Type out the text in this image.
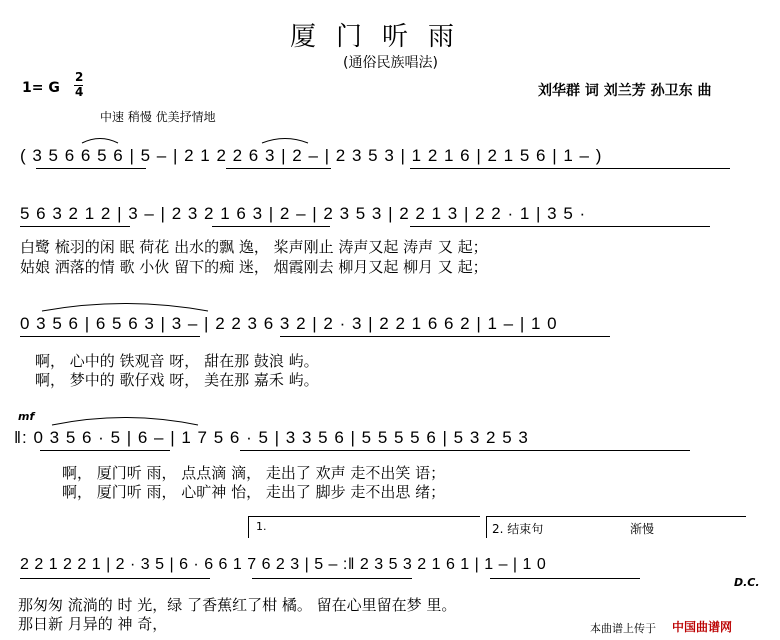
厦门听雨
(通俗民族唱法)
1= G
2
4	刘华群 词 刘兰芳 孙卫东 曲
中速 稍慢 优美抒情地
( 3 5 6 6 5 6 | 5 – | 2 1 2 2 6 3 | 2 – | 2 3 5 3 | 1 2 1 6 | 2 1 5 6 | 1 – )
5 6 3 2 1 2 | 3 – | 2 3 2 1 6 3 | 2 – | 2 3 5 3 | 2 2 1 3 | 2 2 · 1 | 3 5 ·
白鹭 梳羽的闲 眠 荷花 出水的飘 逸， 桨声刚止 涛声又起 涛声 又 起；
姑娘 洒落的情 歌 小伙 留下的痴 迷， 烟霞刚去 柳月又起 柳月 又 起；
0 3 5 6 | 6 5 6 3 | 3 – | 2 2 3 6 3 2 | 2 · 3 | 2 2 1 6 6 2 | 1 – | 1 0
啊， 心中的 铁观音 呀， 甜在那 鼓浪 屿。
啊， 梦中的 歌仔戏 呀， 美在那 嘉禾 屿。
mf
‖: 0 3 5 6 · 5 | 6 – | 1 7 5 6 · 5 | 3 3 5 6 | 5 5 5 5 6 | 5 3 2 5 3
啊， 厦门听 雨， 点点滴 滴， 走出了 欢声 走不出笑 语；
啊， 厦门听 雨， 心旷神 怡， 走出了 脚步 走不出思 绪；
1.	2. 结束句	渐慢
2 2 1 2 2 1 | 2 · 3 5 | 6 · 6 6 1 7 6 2 3 | 5 – :‖ 2 3 5 3 2 1 6 1 | 1 – | 1 0
D.C.
那匆匆 流淌的 时 光，绿 了香蕉红了柑 橘。 留在心里留在梦 里。
那日新 月异的 神 奇，	本曲谱上传于 中国曲谱网
